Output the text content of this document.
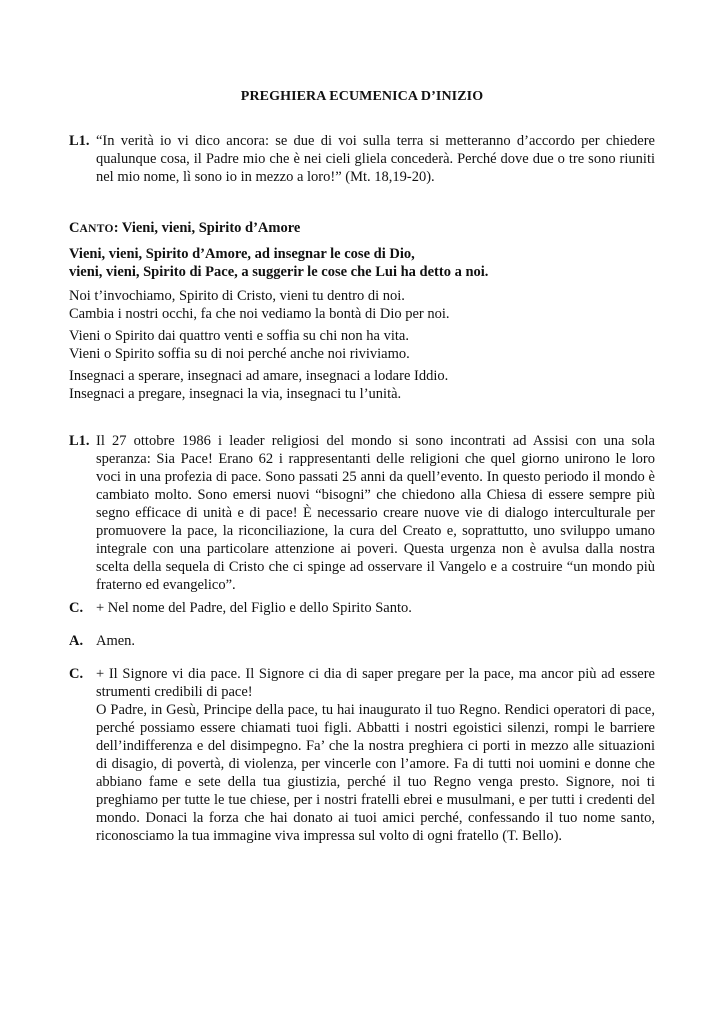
PREGHIERA ECUMENICA D’INIZIO
L1. “In verità io vi dico ancora: se due di voi sulla terra si metteranno d’accordo per chiedere qualunque cosa, il Padre mio che è nei cieli gliela concederà. Perché dove due o tre sono riuniti nel mio nome, lì sono io in mezzo a loro!” (Mt. 18,19-20).

CANTO: Vieni, vieni, Spirito d’Amore

Vieni, vieni, Spirito d’Amore, ad insegnar le cose di Dio,

vieni, vieni, Spirito di Pace, a suggerir le cose che Lui ha detto a noi.

Noi t’invochiamo, Spirito di Cristo, vieni tu dentro di noi.

Cambia i nostri occhi, fa che noi vediamo la bontà di Dio per noi.

Vieni o Spirito dai quattro venti e soffia su chi non ha vita.

Vieni o Spirito soffia su di noi perché anche noi riviviamo.

Insegnaci a sperare, insegnaci ad amare, insegnaci a lodare Iddio.

Insegnaci a pregare, insegnaci la via, insegnaci tu l’unità.

L1. Il 27 ottobre 1986 i leader religiosi del mondo si sono incontrati ad Assisi con una sola speranza: Sia Pace! Erano 62 i rappresentanti delle religioni che quel giorno unirono le loro voci in una profezia di pace. Sono passati 25 anni da quell’evento. In questo periodo il mondo è cambiato molto. Sono emersi nuovi “bisogni” che chiedono alla Chiesa di essere sempre più segno efficace di unità e di pace! È necessario creare nuove vie di dialogo interculturale per promuovere la pace, la riconciliazione, la cura del Creato e, soprattutto, uno sviluppo umano integrale con una particolare attenzione ai poveri. Questa urgenza non è avulsa dalla nostra scelta della sequela di Cristo che ci spinge ad osservare il Vangelo e a costruire “un mondo più fraterno ed evangelico”.

C. + Nel nome del Padre, del Figlio e dello Spirito Santo.

A. Amen.

C. + Il Signore vi dia pace. Il Signore ci dia di saper pregare per la pace, ma ancor più ad essere strumenti credibili di pace!

O Padre, in Gesù, Principe della pace, tu hai inaugurato il tuo Regno. Rendici operatori di pace, perché possiamo essere chiamati tuoi figli. Abbatti i nostri egoistici silenzi, rompi le barriere dell’indifferenza e del disimpegno. Fa’ che la nostra preghiera ci porti in mezzo alle situazioni di disagio, di povertà, di violenza, per vincerle con l’amore. Fa di tutti noi uomini e donne che abbiano fame e sete della tua giustizia, perché il tuo Regno venga presto. Signore, noi ti preghiamo per tutte le tue chiese, per i nostri fratelli ebrei e musulmani, e per tutti i credenti del mondo. Donaci la forza che hai donato ai tuoi amici perché, confessando il tuo nome santo, riconosciamo la tua immagine viva impressa sul volto di ogni fratello (T. Bello).
